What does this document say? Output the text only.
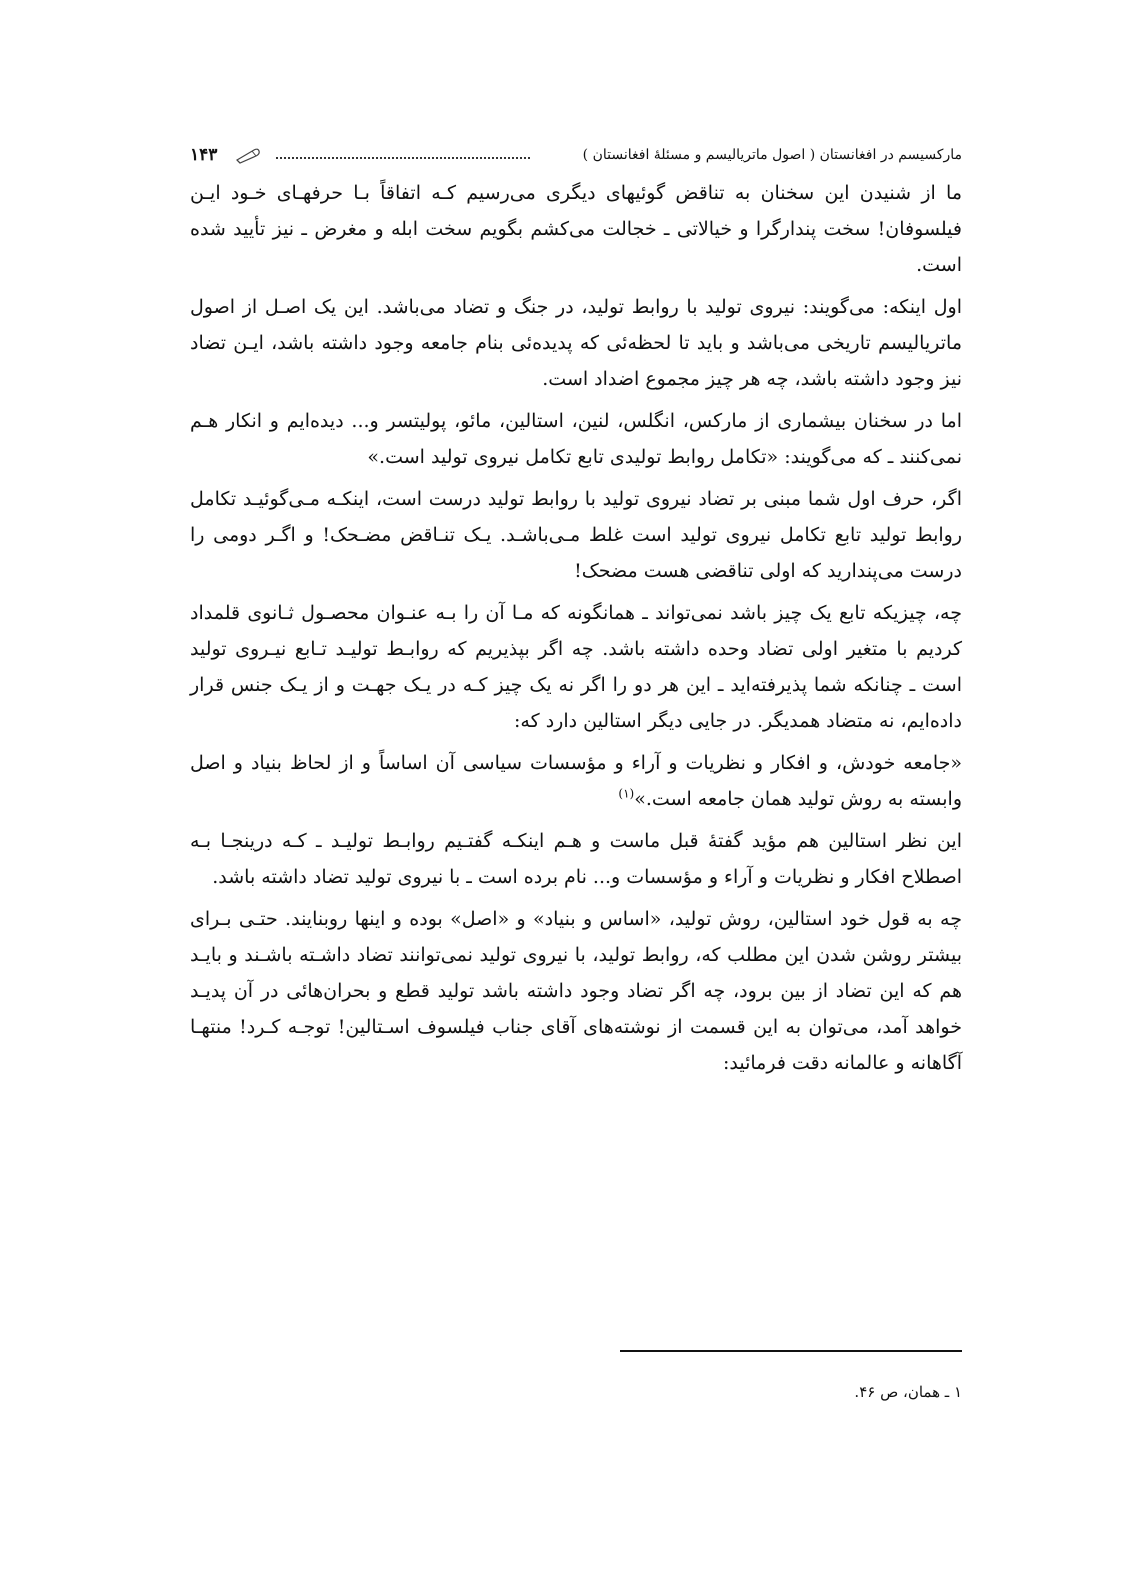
مارکسیسم در افغانستان ( اصول ماتریالیسم و مسئلهٔ افغانستان )
۱۴۳

ما از شنیدن این سخنان به تناقض گوئیهای دیگری می‌رسیم کـه اتفاقاً بـا حرفهـای خـود ایـن فیلسوفان! سخت پندارگرا و خیالاتی ـ خجالت می‌کشم بگویم سخت ابله و مغرض ـ نیز تأیید شده است.

اول اینکه: می‌گویند: نیروی تولید با روابط تولید، در جنگ و تضاد می‌باشد. این یک اصـل از اصول ماتریالیسم تاریخی می‌باشد و باید تا لحظه‌ئی که پدیده‌ئی بنام جامعه وجود داشته باشد، ایـن تضاد نیز وجود داشته باشد، چه هر چیز مجموع اضداد است.

اما در سخنان بیشماری از مارکس، انگلس، لنین، استالین، مائو، پولیتسر و... دیده‌ایم و انکار هـم نمی‌کنند ـ که می‌گویند: «تکامل روابط تولیدی تابع تکامل نیروی تولید است.»

اگر، حرف اول شما مبنی بر تضاد نیروی تولید با روابط تولید درست است، اینکـه مـی‌گوئیـد تکامل روابط تولید تابع تکامل نیروی تولید است غلط مـی‌باشـد. یـک تنـاقض مضـحک! و اگـر دومی را درست می‌پندارید که اولی تناقضی هست مضحک!

چه، چیزیکه تابع یک چیز باشد نمی‌تواند ـ همانگونه که مـا آن را بـه عنـوان محصـول ثـانوی قلمداد کردیم با متغیر اولی تضاد وحده داشته باشد. چه اگر بپذیریم که روابـط تولیـد تـابع نیـروی تولید است ـ چنانکه شما پذیرفته‌اید ـ این هر دو را اگر نه یک چیز کـه در یـک جهـت و از یـک جنس قرار داده‌ایم، نه متضاد همدیگر. در جایی دیگر استالین دارد که:

«جامعه خودش، و افکار و نظریات و آراء و مؤسسات سیاسی آن اساساً و از لحاظ بنیاد و اصل وابسته به روش تولید همان جامعه است.»$^{(۱)}$

این نظر استالین هم مؤید گفتهٔ قبل ماست و هـم اینکـه گفتـیم روابـط تولیـد ـ کـه درینجـا بـه اصطلاح افکار و نظریات و آراء و مؤسسات و... نام برده است ـ با نیروی تولید تضاد داشته باشد.

چه به قول خود استالین، روش تولید، «اساس و بنیاد» و «اصل» بوده و اینها روبنایند. حتـی بـرای بیشتر روشن شدن این مطلب که، روابط تولید، با نیروی تولید نمی‌توانند تضاد داشـته باشـند و بایـد هم که این تضاد از بین برود، چه اگر تضاد وجود داشته باشد تولید قطع و بحران‌هائی در آن پدیـد خواهد آمد، می‌توان به این قسمت از نوشته‌های آقای جناب فیلسوف اسـتالین! توجـه کـرد! منتهـا آگاهانه و عالمانه دقت فرمائید:

۱ ـ همان، ص ۴۶.
